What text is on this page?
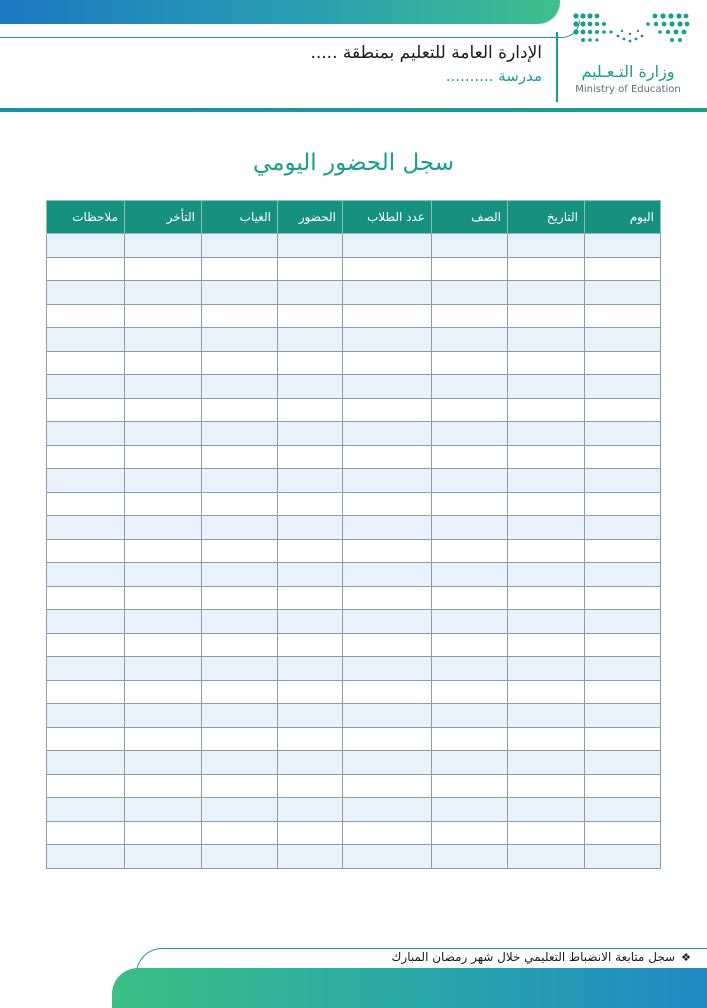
الإدارة العامة للتعليم بمنطقة .....
مدرسة ..........	وزارة التـعـليم
Ministry of Education
سجل الحضور اليومي
اليوم	التاريخ	الصف	عدد الطلاب	الحضور	الغياب	التأخر	ملاحظات

❖سجل متابعة الانضباط التعليمي خلال شهر رمضان المبارك
